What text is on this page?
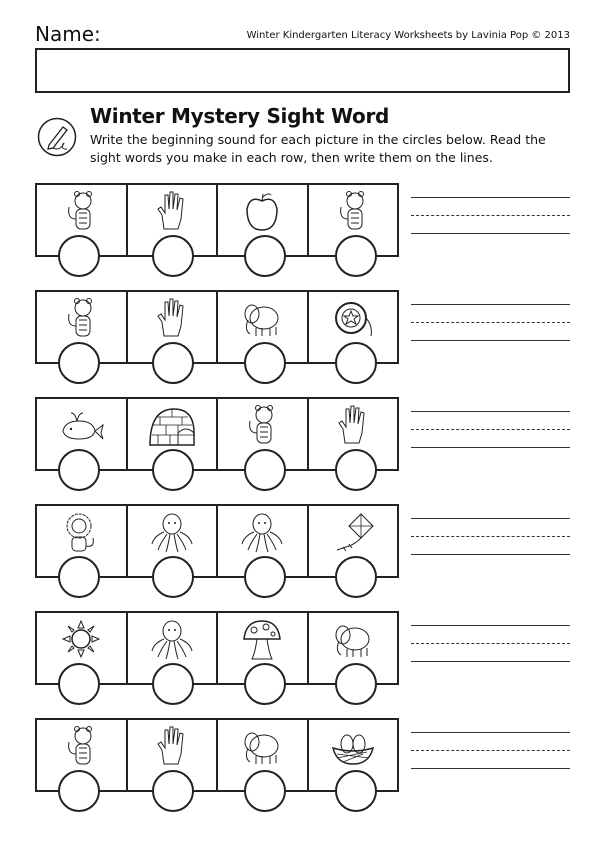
Name:	Winter Kindergarten Literacy Worksheets by Lavinia Pop © 2013
Winter Mystery Sight Word
Write the beginning sound for each picture in the circles below. Read the sight words you make in each row, then write them on the lines.
